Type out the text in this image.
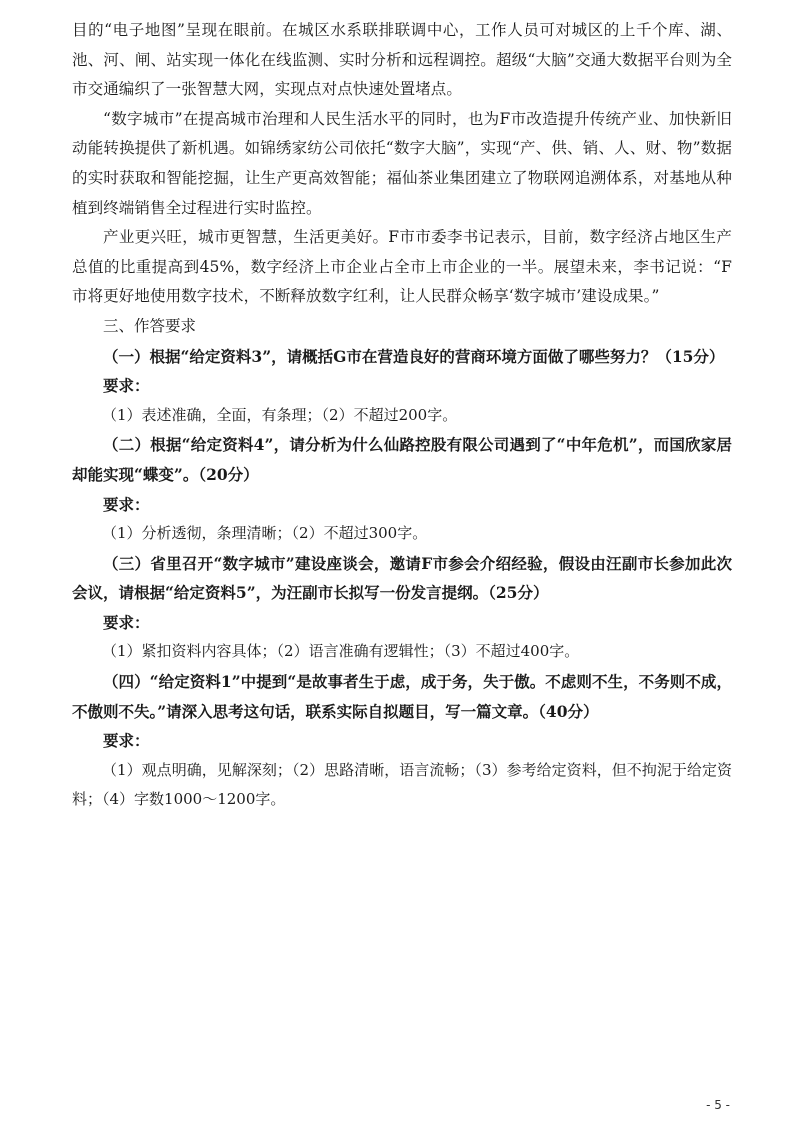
目的“电子地图”呈现在眼前。在城区水系联排联调中心，工作人员可对城区的上千个库、湖、池、河、闸、站实现一体化在线监测、实时分析和远程调控。超级“大脑”交通大数据平台则为全市交通编织了一张智慧大网，实现点对点快速处置堵点。

“数字城市”在提高城市治理和人民生活水平的同时，也为F市改造提升传统产业、加快新旧动能转换提供了新机遇。如锦绣家纺公司依托“数字大脑”，实现“产、供、销、人、财、物”数据的实时获取和智能挖掘，让生产更高效智能；福仙茶业集团建立了物联网追溯体系，对基地从种植到终端销售全过程进行实时监控。

产业更兴旺，城市更智慧，生活更美好。F市市委李书记表示，目前，数字经济占地区生产总值的比重提高到45%，数字经济上市企业占全市上市企业的一半。展望未来，李书记说：“F市将更好地使用数字技术，不断释放数字红利，让人民群众畅享‘数字城市’建设成果。”

三、作答要求

（一）根据“给定资料3”，请概括G市在营造良好的营商环境方面做了哪些努力？（15分）

要求：

（1）表述准确，全面，有条理；（2）不超过200字。

（二）根据“给定资料4”，请分析为什么仙路控股有限公司遇到了“中年危机”，而国欣家居却能实现“蝶变”。（20分）

要求：

（1）分析透彻，条理清晰；（2）不超过300字。

（三）省里召开“数字城市”建设座谈会，邀请F市参会介绍经验，假设由汪副市长参加此次会议，请根据“给定资料5”，为汪副市长拟写一份发言提纲。（25分）

要求：

（1）紧扣资料内容具体；（2）语言准确有逻辑性；（3）不超过400字。

（四）“给定资料1”中提到“是故事者生于虑，成于务，失于傲。不虑则不生，不务则不成，不傲则不失。”请深入思考这句话，联系实际自拟题目，写一篇文章。（40分）

要求：

（1）观点明确，见解深刻；（2）思路清晰，语言流畅；（3）参考给定资料，但不拘泥于给定资料；（4）字数1000～1200字。

- 5 -
